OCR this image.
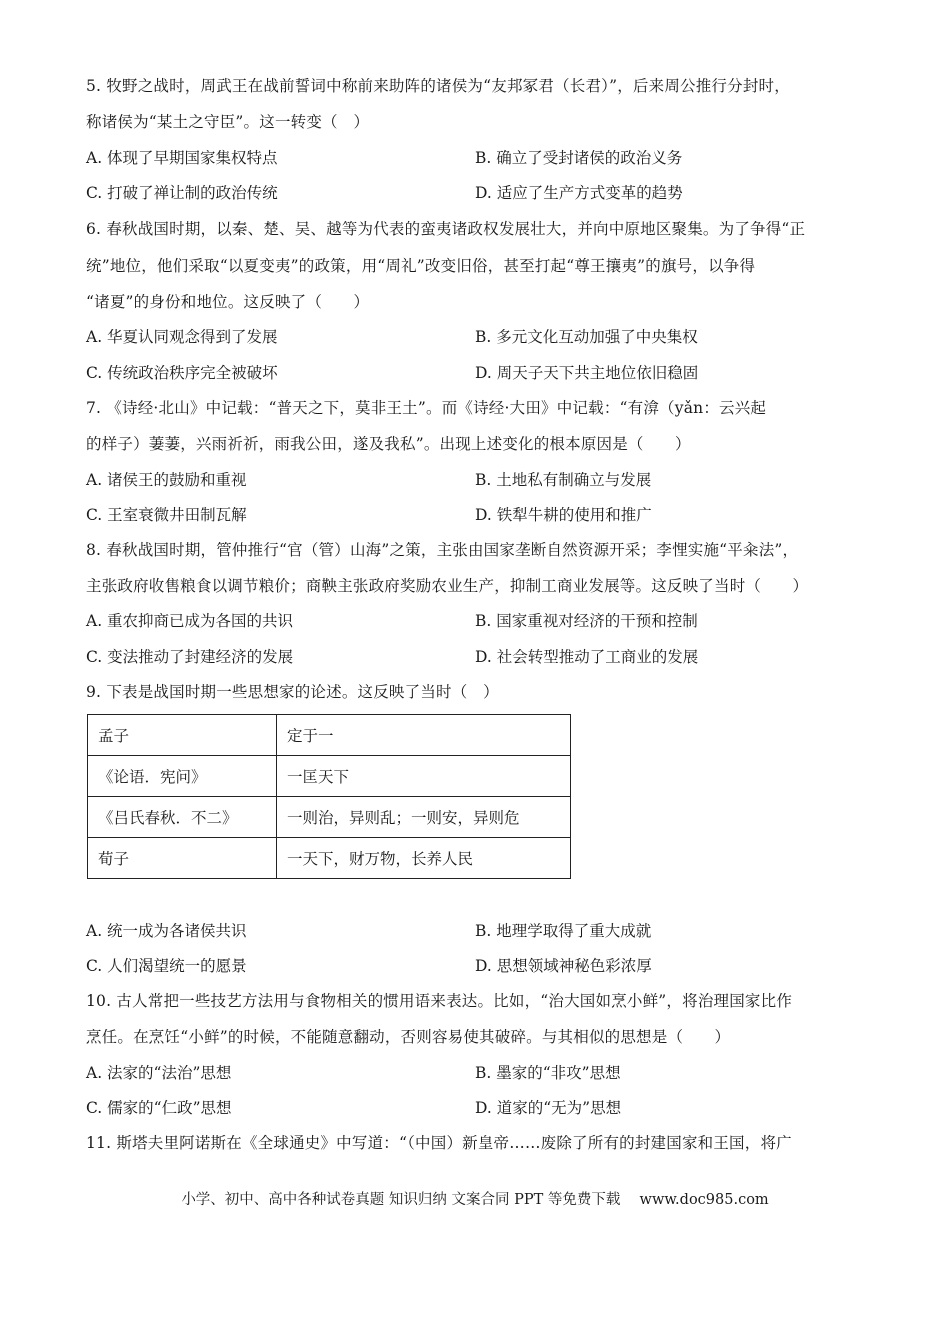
5. 牧野之战时，周武王在战前誓词中称前来助阵的诸侯为“友邦冢君（长君）”，后来周公推行分封时，
称诸侯为“某土之守臣”。这一转变（　）
A. 体现了早期国家集权特点	B. 确立了受封诸侯的政治义务
C. 打破了禅让制的政治传统	D. 适应了生产方式变革的趋势
6. 春秋战国时期，以秦、楚、吴、越等为代表的蛮夷诸政权发展壮大，并向中原地区聚集。为了争得“正
统”地位，他们采取“以夏变夷”的政策，用“周礼”改变旧俗，甚至打起“尊王攘夷”的旗号，以争得
“诸夏”的身份和地位。这反映了（　　）
A. 华夏认同观念得到了发展	B. 多元文化互动加强了中央集权
C. 传统政治秩序完全被破坏	D. 周天子天下共主地位依旧稳固
7. 《诗经·北山》中记载：“普天之下，莫非王土”。而《诗经·大田》中记载：“有渰（yǎn：云兴起
的样子）萋萋，兴雨祈祈，雨我公田，遂及我私”。出现上述变化的根本原因是（　　）
A. 诸侯王的鼓励和重视	B. 土地私有制确立与发展
C. 王室衰微井田制瓦解	D. 铁犁牛耕的使用和推广
8. 春秋战国时期，管仲推行“官（管）山海”之策，主张由国家垄断自然资源开采；李悝实施“平籴法”，
主张政府收售粮食以调节粮价；商鞅主张政府奖励农业生产，抑制工商业发展等。这反映了当时（　　）
A. 重农抑商已成为各国的共识	B. 国家重视对经济的干预和控制
C. 变法推动了封建经济的发展	D. 社会转型推动了工商业的发展
9. 下表是战国时期一些思想家的论述。这反映了当时（　）
孟子	定于一
《论语．宪问》	一匡天下
《吕氏春秋．不二》	一则治，异则乱；一则安，异则危
荀子	一天下，财万物，长养人民
A. 统一成为各诸侯共识	B. 地理学取得了重大成就
C. 人们渴望统一的愿景	D. 思想领域神秘色彩浓厚
10. 古人常把一些技艺方法用与食物相关的惯用语来表达。比如，“治大国如烹小鲜”，将治理国家比作
烹任。在烹饪“小鲜”的时候，不能随意翻动，否则容易使其破碎。与其相似的思想是（　　）
A. 法家的“法治”思想	B. 墨家的“非攻”思想
C. 儒家的“仁政”思想	D. 道家的“无为”思想
11. 斯塔夫里阿诺斯在《全球通史》中写道：“（中国）新皇帝……废除了所有的封建国家和王国，将广
小学、初中、高中各种试卷真题 知识归纳 文案合同 PPT 等免费下载　 www.doc985.com
